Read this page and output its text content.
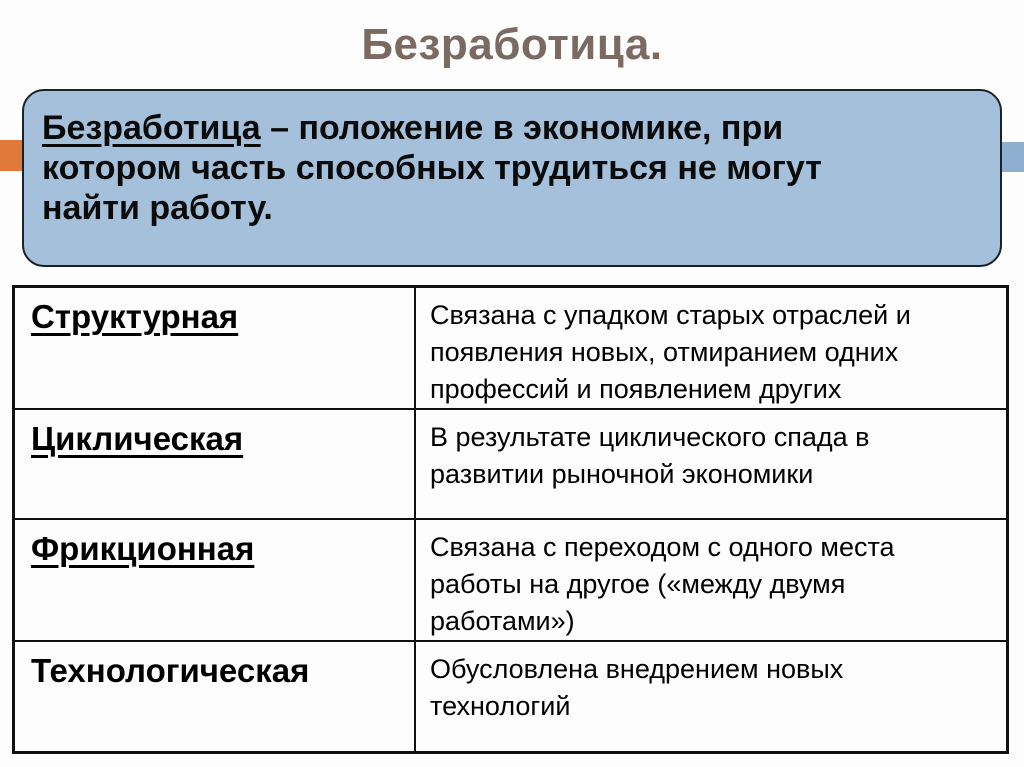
Безработица.
Безработица – положение в экономике, при
котором часть способных трудиться не могут
найти работу.
Структурная	Связана с упадком старых отраслей и
появления новых, отмиранием одних
профессий и появлением других

Циклическая	В результате циклического спада в
развитии рыночной экономики

Фрикционная	Связана с переходом с одного места
работы на другое («между двумя
работами»)

Технологическая	Обусловлена внедрением новых
технологий
